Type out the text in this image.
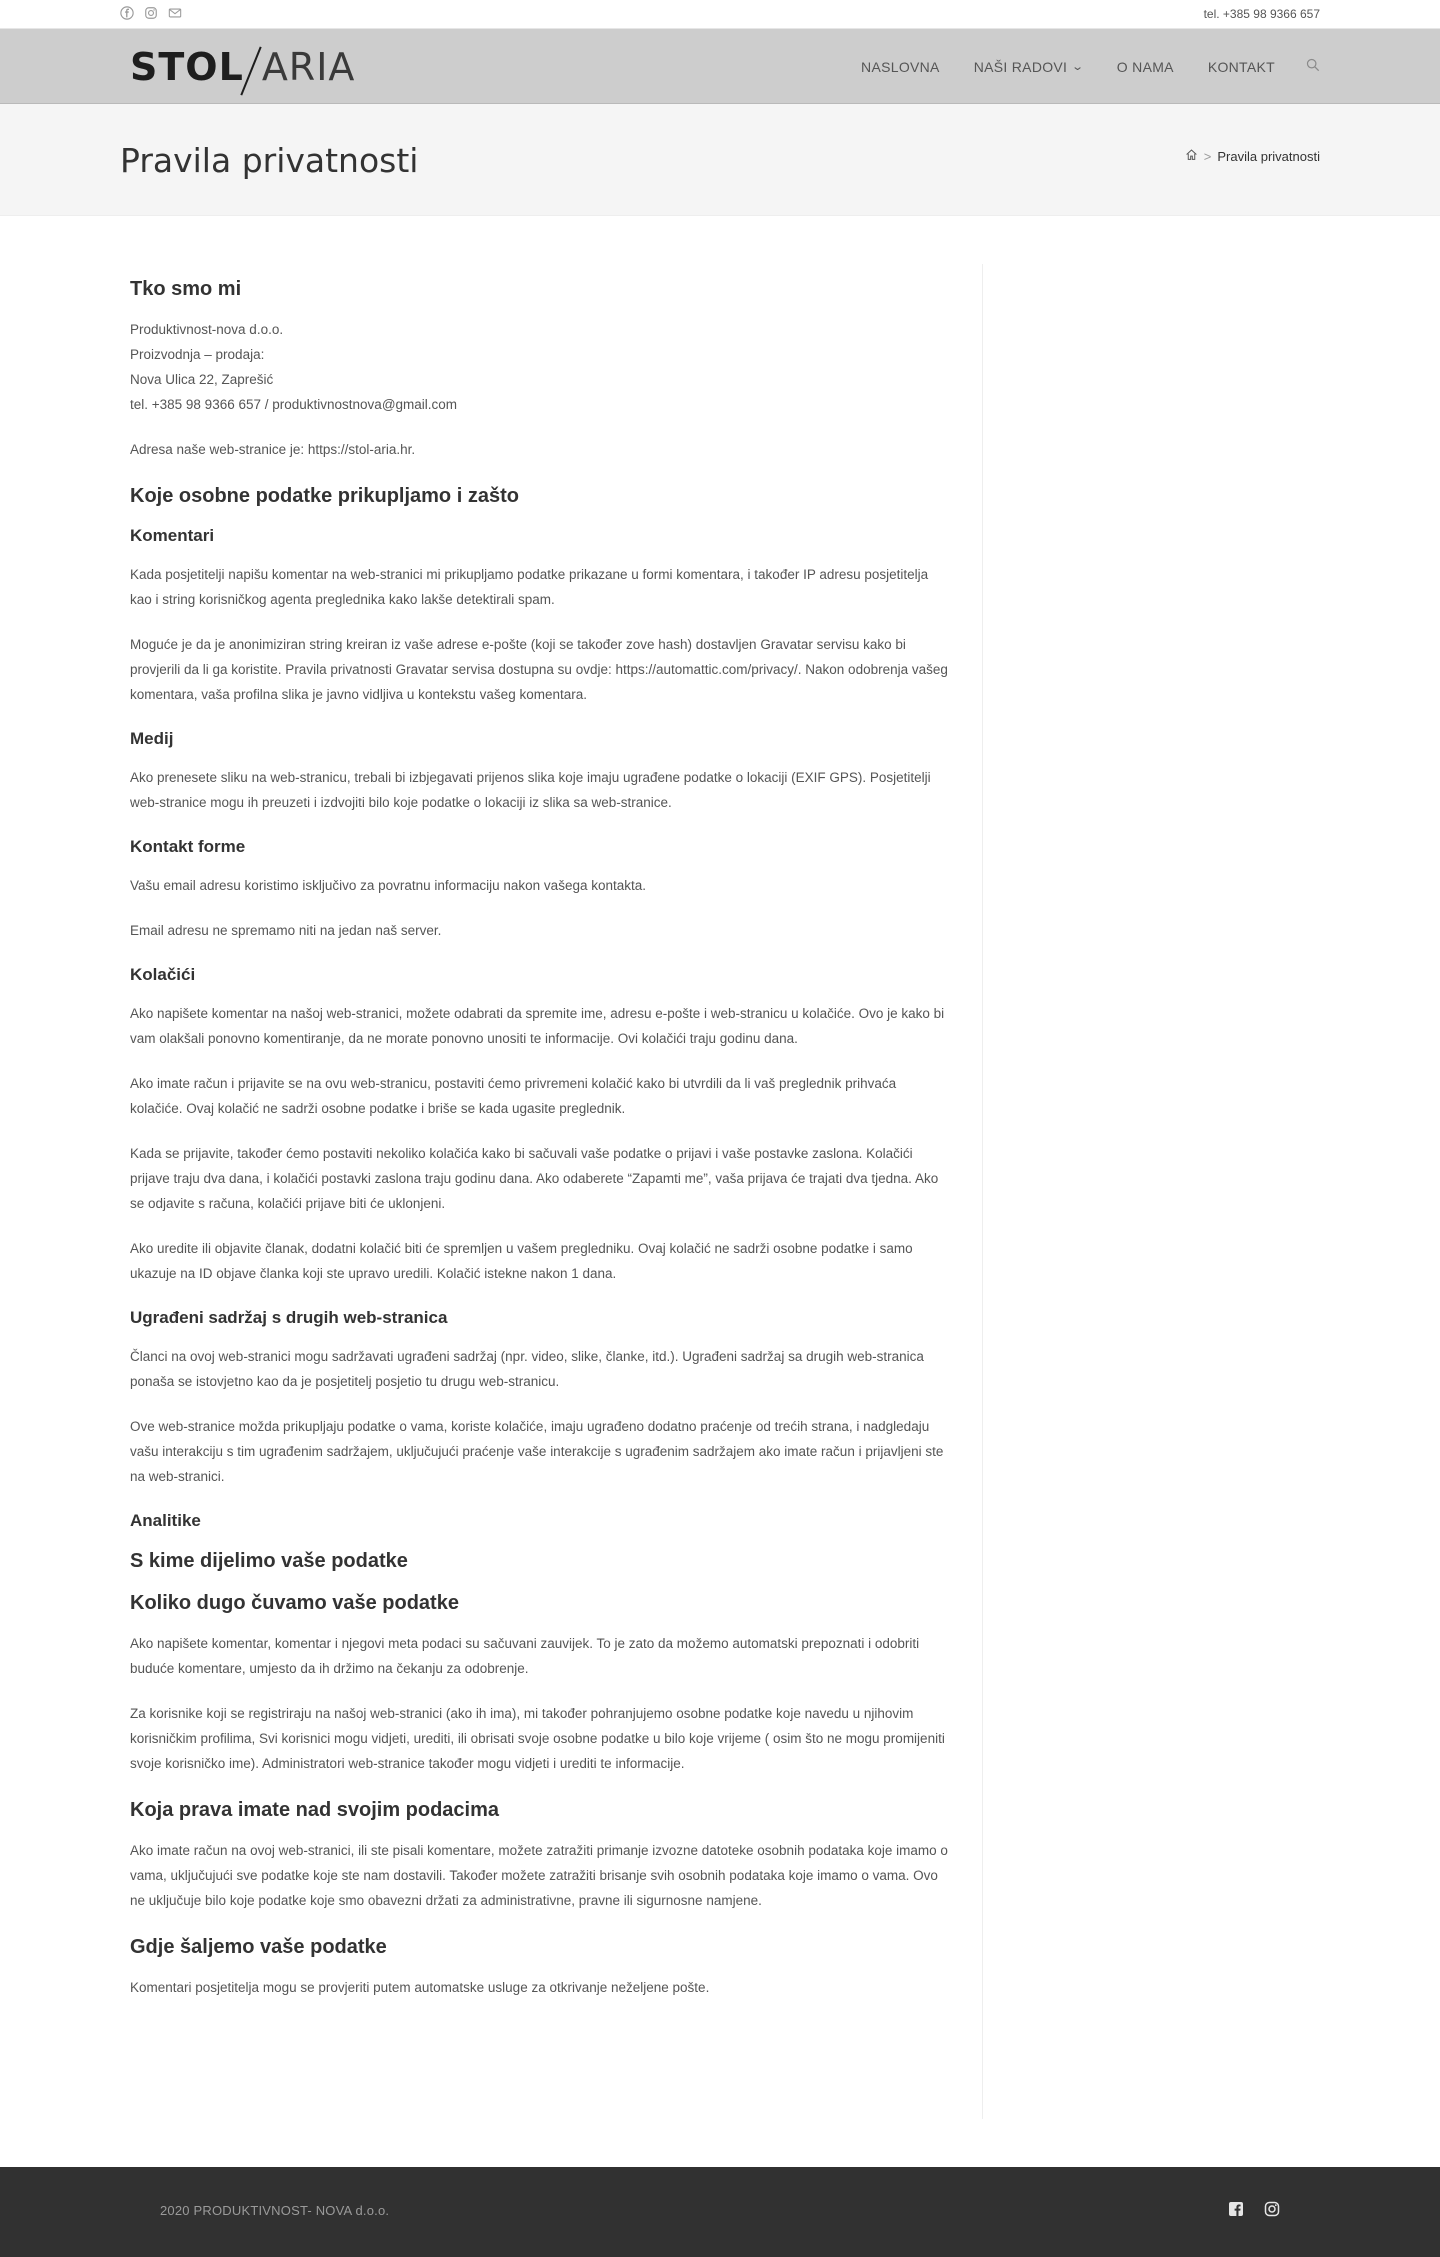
tel. +385 98 9366 657
STOL ARIA	NASLOVNA NAŠI RADOVI ⌄ O NAMA KONTAKT
Pravila privatnosti	> Pravila privatnosti
Tko smo mi

Produktivnost-nova d.o.o.

Proizvodnja – prodaja:

Nova Ulica 22, Zaprešić

tel. +385 98 9366 657 / produktivnostnova@gmail.com

Adresa naše web-stranice je: https://stol-aria.hr.

Koje osobne podatke prikupljamo i zašto
Komentari

Kada posjetitelji napišu komentar na web-stranici mi prikupljamo podatke prikazane u formi komentara, i također IP adresu posjetitelja kao i string korisničkog agenta preglednika kako lakše detektirali spam.

Moguće je da je anonimiziran string kreiran iz vaše adrese e-pošte (koji se također zove hash) dostavljen Gravatar servisu kako bi provjerili da li ga koristite. Pravila privatnosti Gravatar servisa dostupna su ovdje: https://automattic.com/privacy/. Nakon odobrenja vašeg komentara, vaša profilna slika je javno vidljiva u kontekstu vašeg komentara.

Medij

Ako prenesete sliku na web-stranicu, trebali bi izbjegavati prijenos slika koje imaju ugrađene podatke o lokaciji (EXIF GPS). Posjetitelji web-stranice mogu ih preuzeti i izdvojiti bilo koje podatke o lokaciji iz slika sa web-stranice.

Kontakt forme

Vašu email adresu koristimo isključivo za povratnu informaciju nakon vašega kontakta.

Email adresu ne spremamo niti na jedan naš server.

Kolačići

Ako napišete komentar na našoj web-stranici, možete odabrati da spremite ime, adresu e-pošte i web-stranicu u kolačiće. Ovo je kako bi vam olakšali ponovno komentiranje, da ne morate ponovno unositi te informacije. Ovi kolačići traju godinu dana.

Ako imate račun i prijavite se na ovu web-stranicu, postaviti ćemo privremeni kolačić kako bi utvrdili da li vaš preglednik prihvaća kolačiće. Ovaj kolačić ne sadrži osobne podatke i briše se kada ugasite preglednik.

Kada se prijavite, također ćemo postaviti nekoliko kolačića kako bi sačuvali vaše podatke o prijavi i vaše postavke zaslona. Kolačići prijave traju dva dana, i kolačići postavki zaslona traju godinu dana. Ako odaberete “Zapamti me”, vaša prijava će trajati dva tjedna. Ako se odjavite s računa, kolačići prijave biti će uklonjeni.

Ako uredite ili objavite članak, dodatni kolačić biti će spremljen u vašem pregledniku. Ovaj kolačić ne sadrži osobne podatke i samo ukazuje na ID objave članka koji ste upravo uredili. Kolačić istekne nakon 1 dana.

Ugrađeni sadržaj s drugih web-stranica

Članci na ovoj web-stranici mogu sadržavati ugrađeni sadržaj (npr. video, slike, članke, itd.). Ugrađeni sadržaj sa drugih web-stranica ponaša se istovjetno kao da je posjetitelj posjetio tu drugu web-stranicu.

Ove web-stranice možda prikupljaju podatke o vama, koriste kolačiće, imaju ugrađeno dodatno praćenje od trećih strana, i nadgledaju vašu interakciju s tim ugrađenim sadržajem, uključujući praćenje vaše interakcije s ugrađenim sadržajem ako imate račun i prijavljeni ste na web-stranici.

Analitike
S kime dijelimo vaše podatke
Koliko dugo čuvamo vaše podatke

Ako napišete komentar, komentar i njegovi meta podaci su sačuvani zauvijek. To je zato da možemo automatski prepoznati i odobriti buduće komentare, umjesto da ih držimo na čekanju za odobrenje.

Za korisnike koji se registriraju na našoj web-stranici (ako ih ima), mi također pohranjujemo osobne podatke koje navedu u njihovim korisničkim profilima, Svi korisnici mogu vidjeti, urediti, ili obrisati svoje osobne podatke u bilo koje vrijeme ( osim što ne mogu promijeniti svoje korisničko ime). Administratori web-stranice također mogu vidjeti i urediti te informacije.

Koja prava imate nad svojim podacima

Ako imate račun na ovoj web-stranici, ili ste pisali komentare, možete zatražiti primanje izvozne datoteke osobnih podataka koje imamo o vama, uključujući sve podatke koje ste nam dostavili. Također možete zatražiti brisanje svih osobnih podataka koje imamo o vama. Ovo ne uključuje bilo koje podatke koje smo obavezni držati za administrativne, pravne ili sigurnosne namjene.

Gdje šaljemo vaše podatke

Komentari posjetitelja mogu se provjeriti putem automatske usluge za otkrivanje neželjene pošte.

2020 PRODUKTIVNOST- NOVA d.o.o.
